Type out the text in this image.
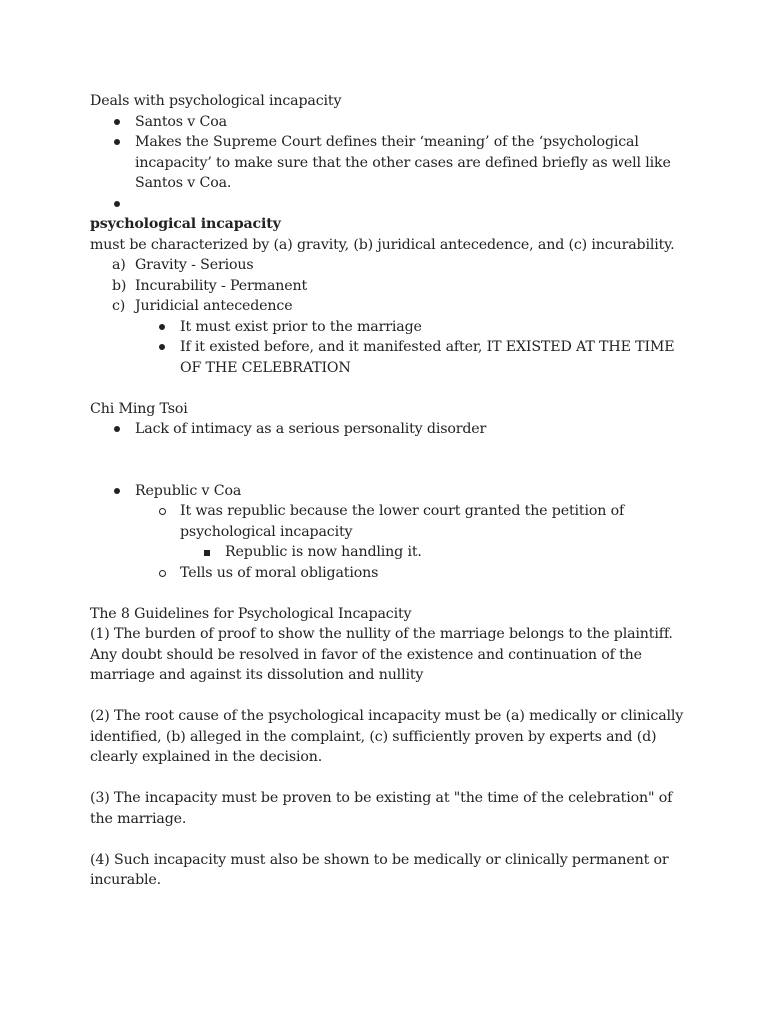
Deals with psychological incapacity

Santos v Coa
Makes the Supreme Court defines their ‘meaning’ of the ‘psychological incapacity’ to make sure that the other cases are defined briefly as well like Santos v Coa.

psychological incapacity

must be characterized by (a) gravity, (b) juridical antecedence, and (c) incurability.

a) Gravity - Serious
b) Incurability - Permanent
c) Juridicial antecedence
It must exist prior to the marriage
If it existed before, and it manifested after, IT EXISTED AT THE TIME OF THE CELEBRATION

Chi Ming Tsoi

Lack of intimacy as a serious personality disorder
Republic v Coa
It was republic because the lower court granted the petition of psychological incapacity
Republic is now handling it.
Tells us of moral obligations

The 8 Guidelines for Psychological Incapacity

(1) The burden of proof to show the nullity of the marriage belongs to the plaintiff. Any doubt should be resolved in favor of the existence and continuation of the marriage and against its dissolution and nullity

(2) The root cause of the psychological incapacity must be (a) medically or clinically identified, (b) alleged in the complaint, (c) sufficiently proven by experts and (d) clearly explained in the decision.

(3) The incapacity must be proven to be existing at "the time of the celebration" of the marriage.

(4) Such incapacity must also be shown to be medically or clinically permanent or incurable.
